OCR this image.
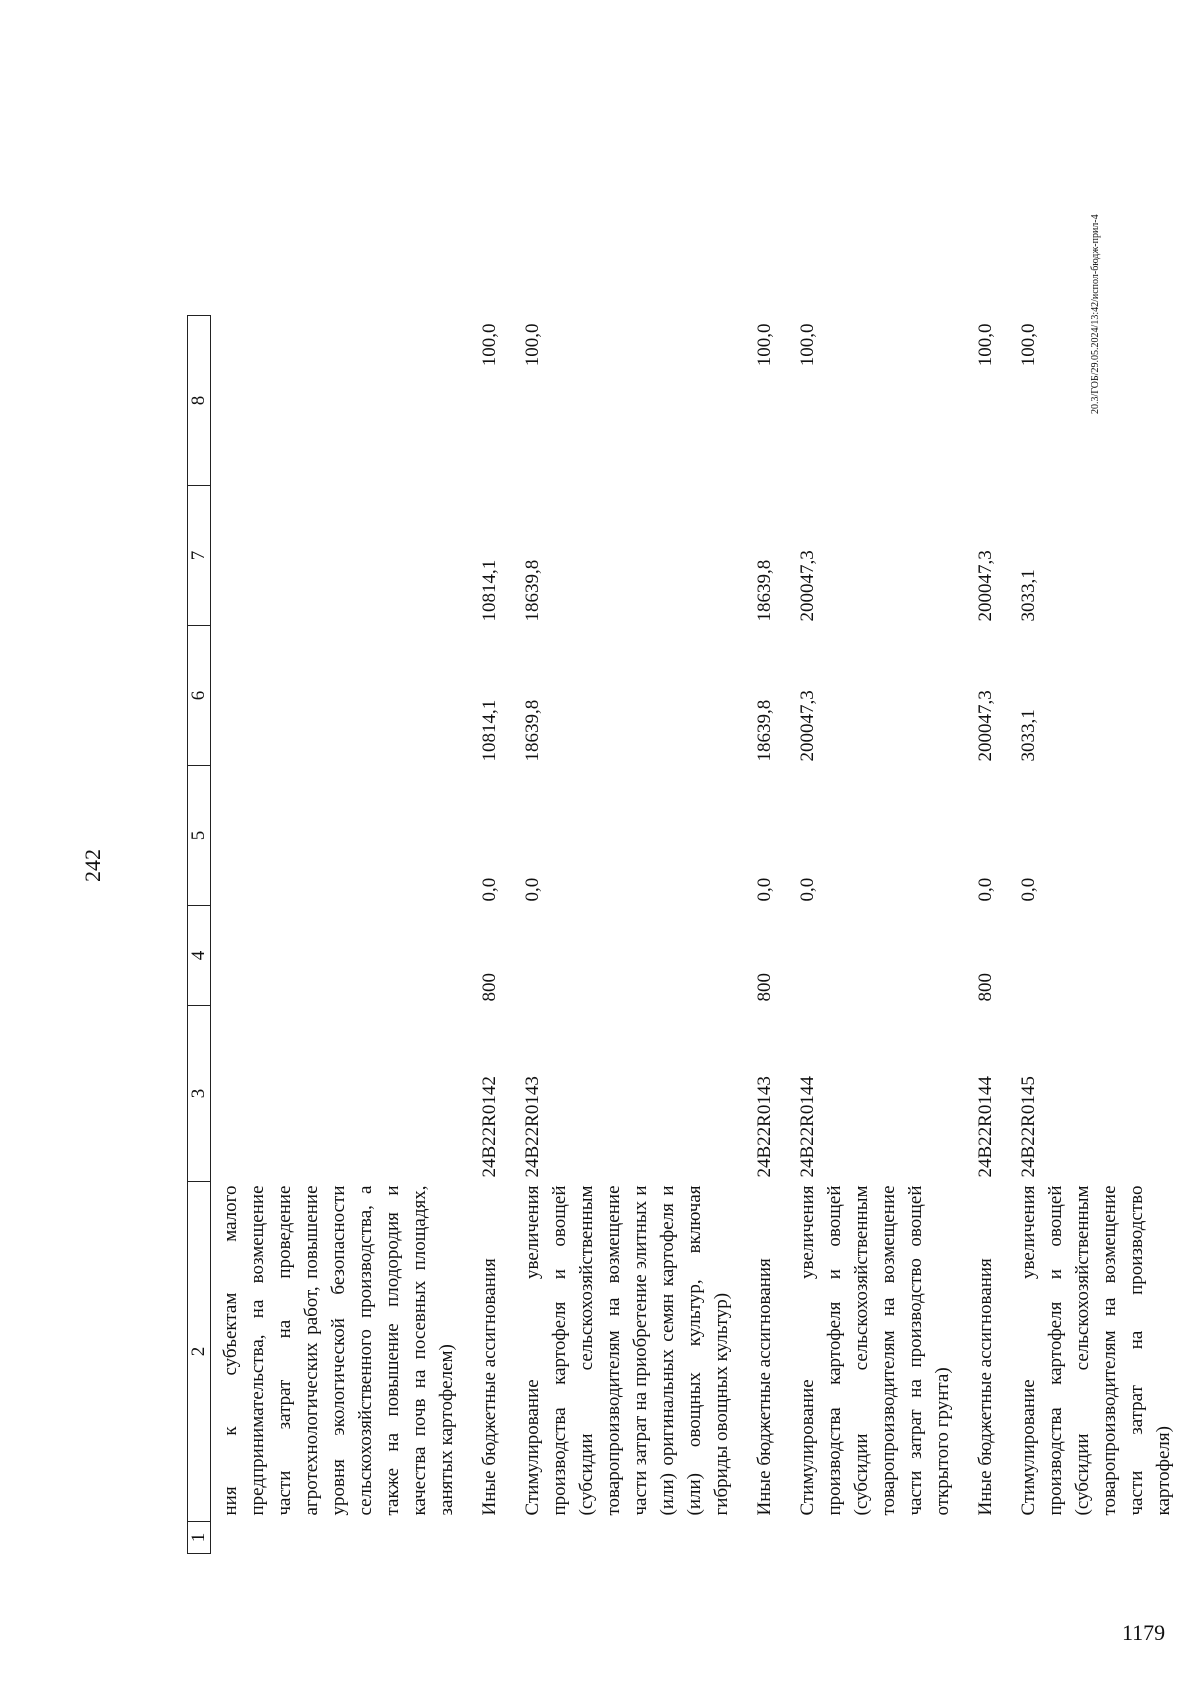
242
1	2	3	4	5	6	7	8
	ния к субъектам малого предпринимательства, на возмещение части затрат на проведение агротехнологических работ, повышение уровня экологической безопасности сельскохозяйственного производства, а также на повышение плодородия и качества почв на посевных площадях, занятых картофелем)						
	Иные бюджетные ассигнования	24В22R0142	800	0,0	10814,1	10814,1	100,0
	Стимулирование увеличения производства картофеля и овощей (субсидии сельскохозяйственным товаропроизводителям на возмещение части затрат на приобретение элитных и (или) оригинальных семян картофеля и (или) овощных культур, включая гибриды овощных культур)	24В22R0143		0,0	18639,8	18639,8	100,0
	Иные бюджетные ассигнования	24В22R0143	800	0,0	18639,8	18639,8	100,0
	Стимулирование увеличения производства картофеля и овощей (субсидии сельскохозяйственным товаропроизводителям на возмещение части затрат на производство овощей открытого грунта)	24В22R0144		0,0	200047,3	200047,3	100,0
	Иные бюджетные ассигнования	24В22R0144	800	0,0	200047,3	200047,3	100,0
	Стимулирование увеличения производства картофеля и овощей (субсидии сельскохозяйственным товаропроизводителям на возмещение части затрат на производство картофеля)	24В22R0145		0,0	3033,1	3033,1	100,0	20.3/ГОБ/29.05.2024/13:42/испол-бюдж-прил-4
1179
